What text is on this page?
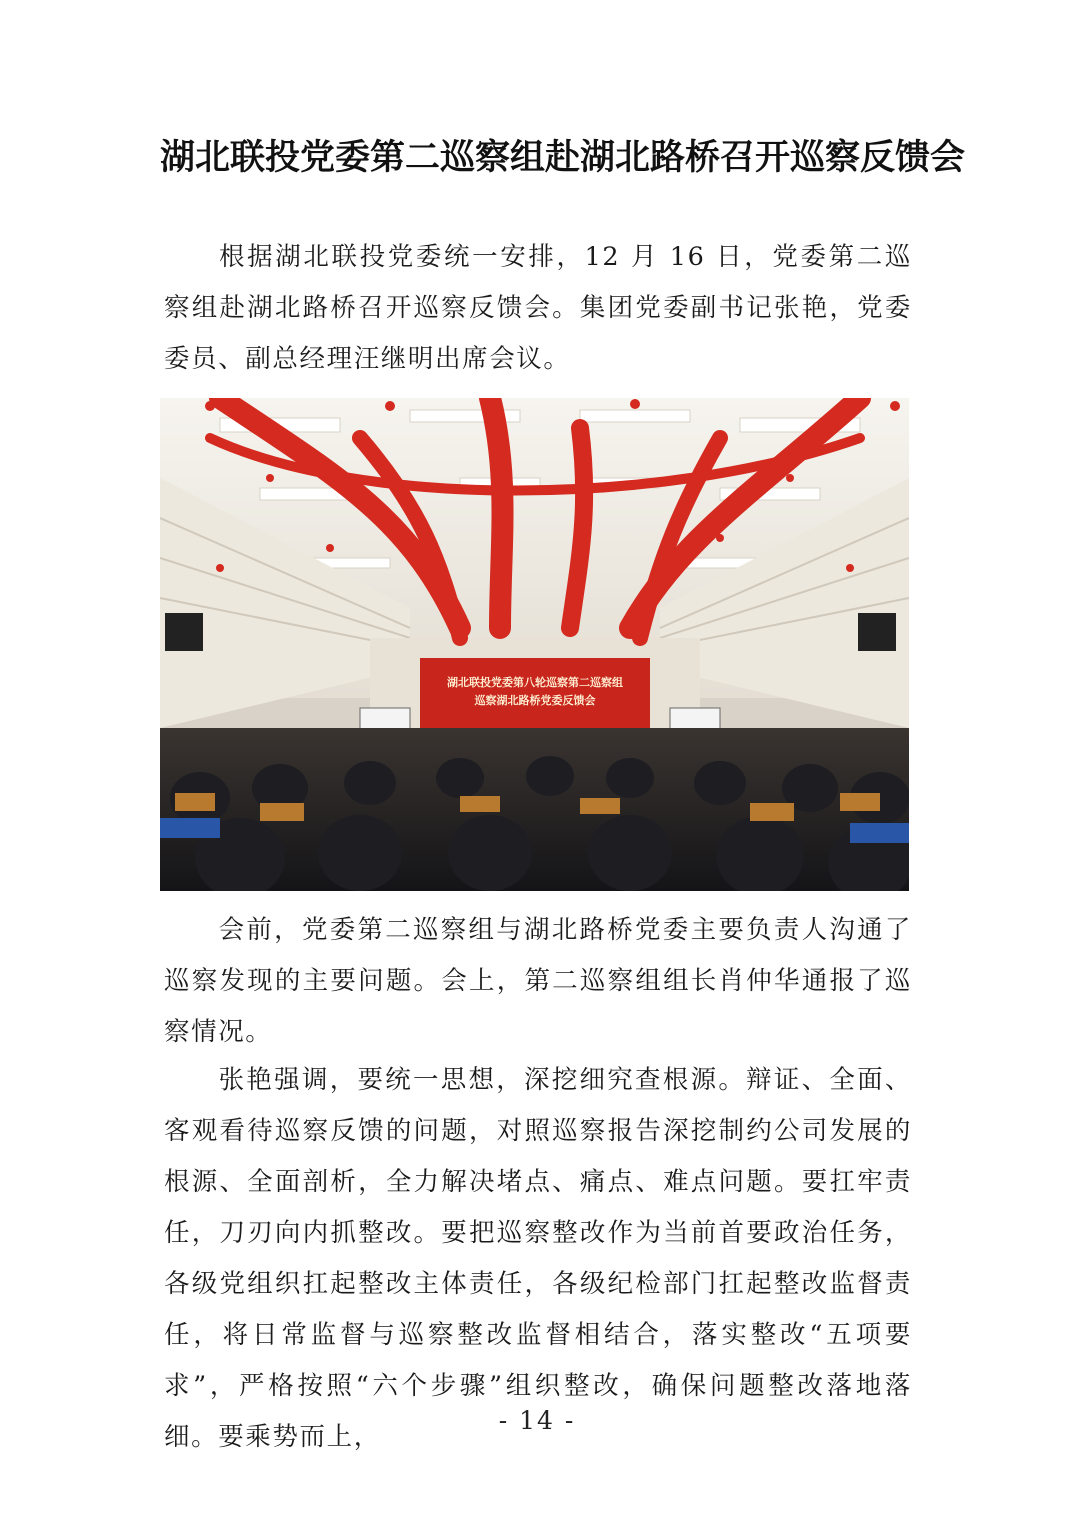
湖北联投党委第二巡察组赴湖北路桥召开巡察反馈会

根据湖北联投党委统一安排，12 月 16 日，党委第二巡察组赴湖北路桥召开巡察反馈会。集团党委副书记张艳，党委委员、副总经理汪继明出席会议。

湖北联投党委第八轮巡察第二巡察组
巡察湖北路桥党委反馈会

会前，党委第二巡察组与湖北路桥党委主要负责人沟通了巡察发现的主要问题。会上，第二巡察组组长肖仲华通报了巡察情况。

张艳强调，要统一思想，深挖细究查根源。辩证、全面、客观看待巡察反馈的问题，对照巡察报告深挖制约公司发展的根源、全面剖析，全力解决堵点、痛点、难点问题。要扛牢责任，刀刃向内抓整改。要把巡察整改作为当前首要政治任务，各级党组织扛起整改主体责任，各级纪检部门扛起整改监督责任，将日常监督与巡察整改监督相结合，落实整改“五项要求”，严格按照“六个步骤”组织整改，确保问题整改落地落细。要乘势而上，

- 14 -
